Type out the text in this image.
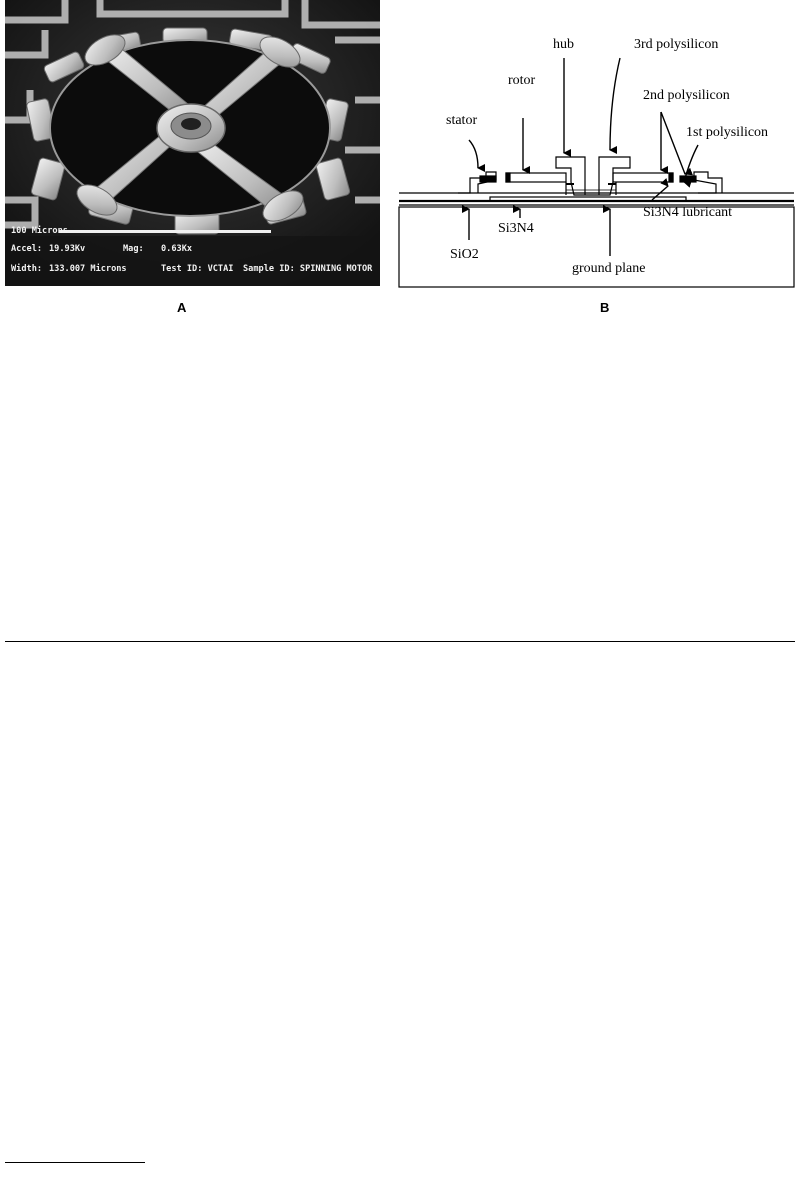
100 Microns
Accel: 19.93Kv	Mag: 0.63Kx
Width: 133.007 Microns	Test ID: VCTAI Sample ID: SPINNING MOTOR
A
hub	3rd polysilicon
rotor
2nd polysilicon
stator
1st polysilicon
Si3N4 lubricant
Si3N4
SiO2
ground plane
B
